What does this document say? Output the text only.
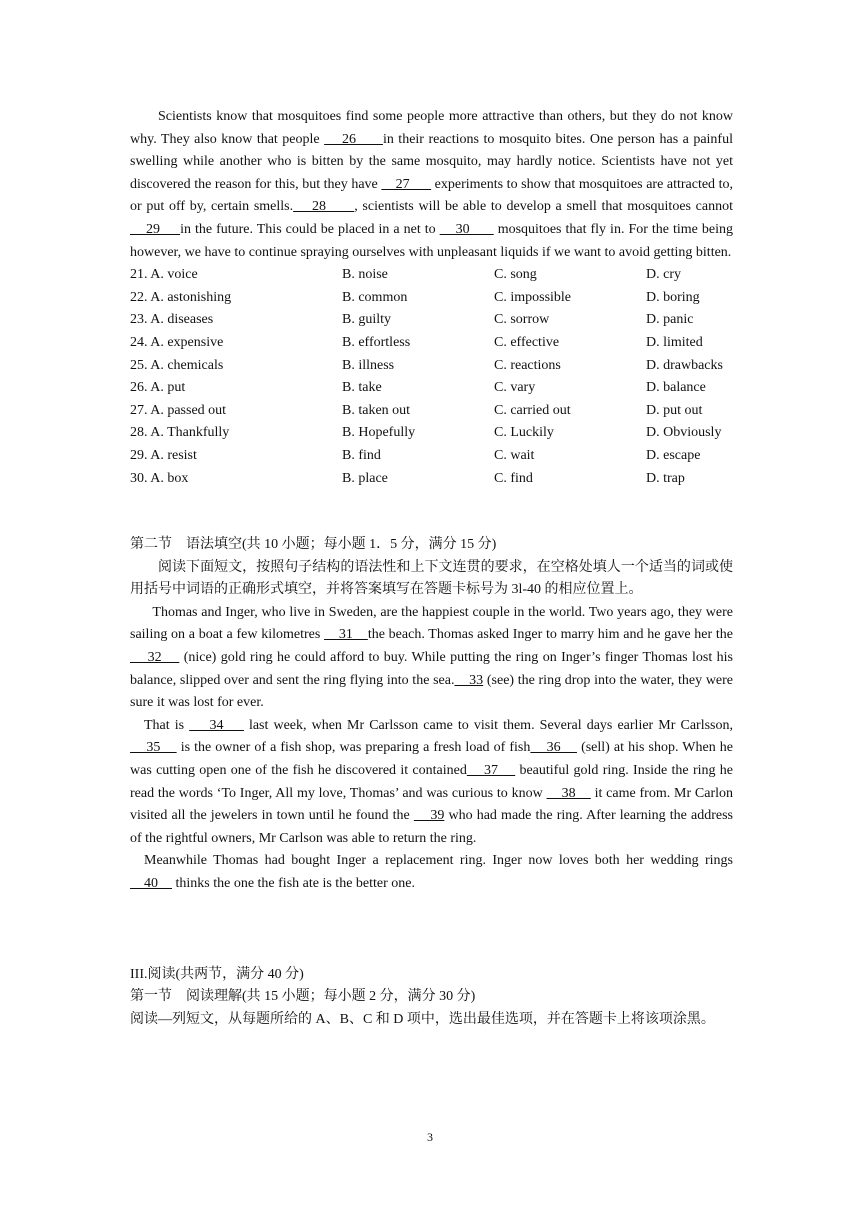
Scientists know that mosquitoes find some people more attractive than others, but they do not know why. They also know that people     26      in their reactions to mosquito bites. One person has a painful swelling while another who is bitten by the same mosquito, may hardly notice. Scientists have not yet discovered the reason for this, but they have     27       experiments to show that mosquitoes are attracted to, or put off by, certain smells.    28      , scientists will be able to develop a smell that mosquitoes cannot     29     in the future. This could be placed in a net to     30       mosquitoes that fly in. For the time being however, we have to continue spraying ourselves with unpleasant liquids if we want to avoid getting bitten.

21. A. voice	B. noise	C. song	D. cry
22. A. astonishing	B. common	C. impossible	D. boring
23. A. diseases	B. guilty	C. sorrow	D. panic
24. A. expensive	B. effortless	C. effective	D. limited
25. A. chemicals	B. illness	C. reactions	D. drawbacks
26. A. put	B. take	C. vary	D. balance
27. A. passed out	B. taken out	C. carried out	D. put out
28. A. Thankfully	B. Hopefully	C. Luckily	D. Obviously
29. A. resist	B. find	C. wait	D. escape
30. A. box	B. place	C. find	D. trap

第二节　语法填空(共 10 小题；每小题 1．5 分，满分 15 分)

阅读下面短文，按照句子结构的语法性和上下文连贯的要求，在空格处填人一个适当的词或使用括号中词语的正确形式填空，并将答案填写在答题卡标号为 3l-40 的相应位置上。

Thomas and Inger, who live in Sweden, are the happiest couple in the world. Two years ago, they were sailing on a boat a few kilometres     31    the beach. Thomas asked Inger to marry him and he gave her the     32     (nice) gold ring he could afford to buy. While putting the ring on Inger’s finger Thomas lost his balance, slipped over and sent the ring flying into the sea.    33 (see) the ring drop into the water, they were sure it was lost for ever.

That is     34     last week, when Mr Carlsson came to visit them. Several days earlier Mr Carlsson,    35     is the owner of a fish shop, was preparing a fresh load of fish    36     (sell) at his shop. When he was cutting open one of the fish he discovered it contained    37     beautiful gold ring. Inside the ring he read the words ‘To Inger, All my love, Thomas’ and was curious to know     38     it came from. Mr Carlon visited all the jewelers in town until he found the     39 who had made the ring. After learning the address of the rightful owners, Mr Carlson was able to return the ring.

Meanwhile Thomas had bought Inger a replacement ring. Inger now loves both her wedding rings    40     thinks the one the fish ate is the better one.

III.阅读(共两节，满分 40 分)

第一节　阅读理解(共 15 小题；每小题 2 分，满分 30 分)

阅读—列短文，从每题所给的 A、B、C 和 D 项中，选出最佳选项，并在答题卡上将该项涂黑。

3
